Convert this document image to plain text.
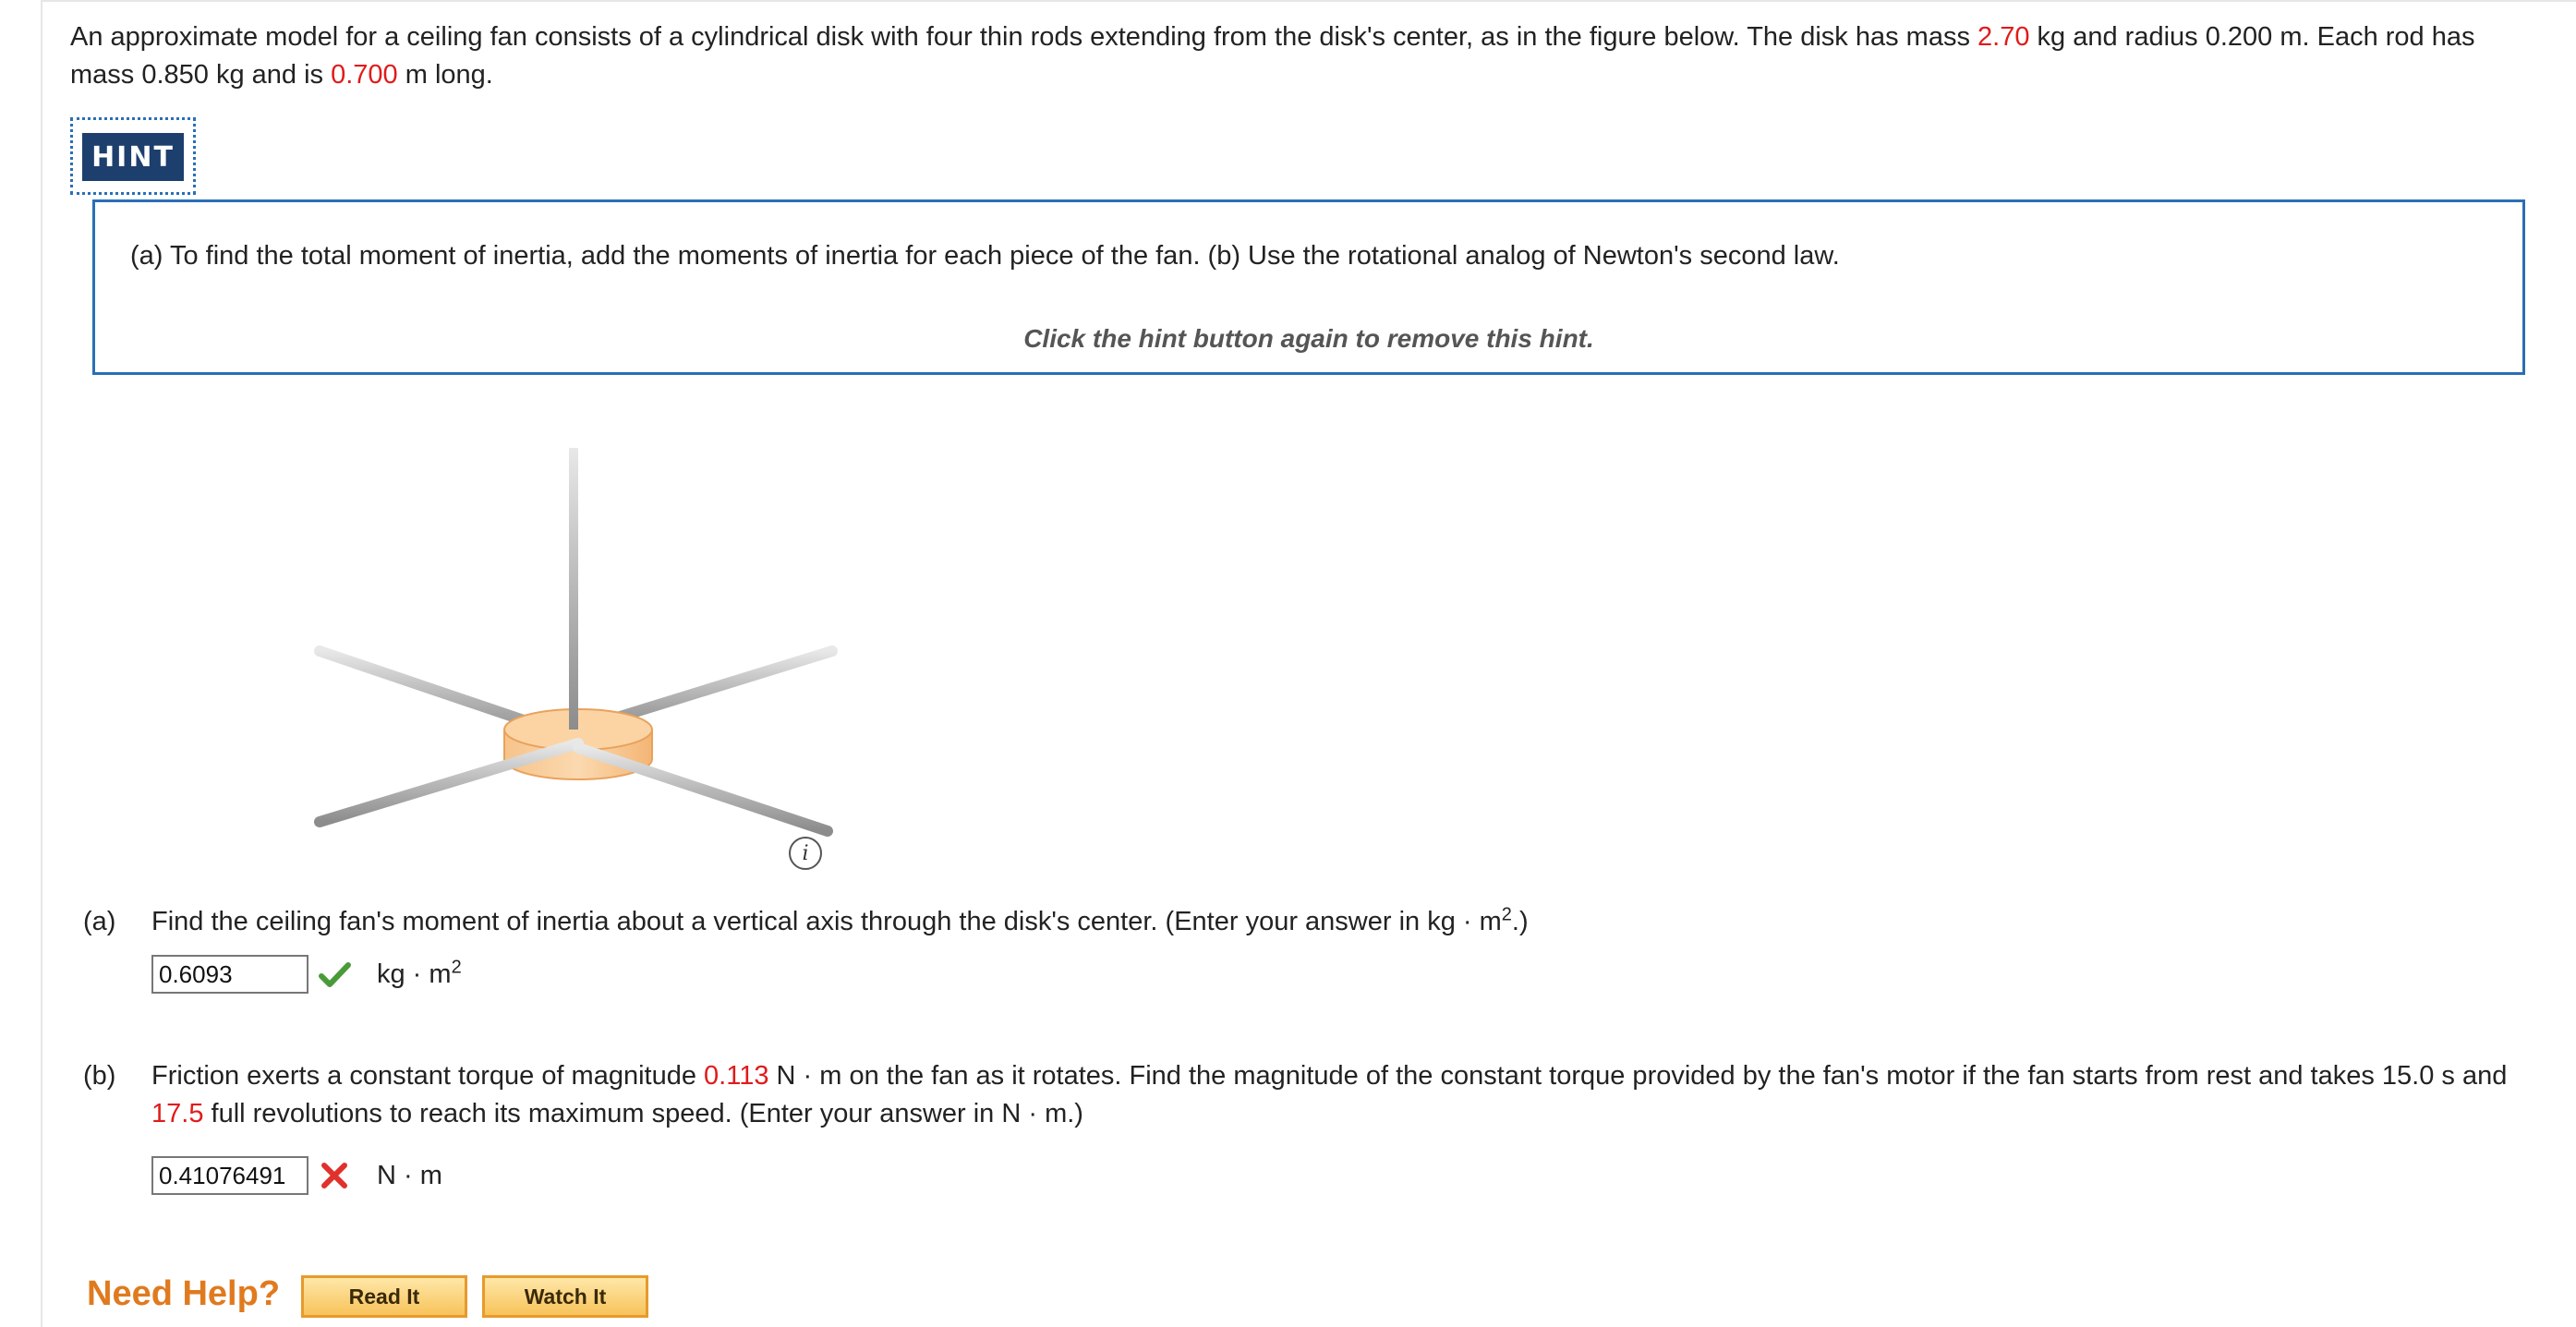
An approximate model for a ceiling fan consists of a cylindrical disk with four thin rods extending from the disk's center, as in the figure below. The disk has mass 2.70 kg and radius 0.200 m. Each rod has mass 0.850 kg and is 0.700 m long.
HINT
(a) To find the total moment of inertia, add the moments of inertia for each piece of the fan. (b) Use the rotational analog of Newton's second law.
Click the hint button again to remove this hint.
i
(a) Find the ceiling fan's moment of inertia about a vertical axis through the disk's center. (Enter your answer in kg · $m^2$.)
0.6093
kg · $m^2$
(b) Friction exerts a constant torque of magnitude 0.113 N · m on the fan as it rotates. Find the magnitude of the constant torque provided by the fan's motor if the fan starts from rest and takes 15.0 s and 17.5 full revolutions to reach its maximum speed. (Enter your answer in N · m.)
0.41076491
N · m
Need Help?	Read It	Watch It
